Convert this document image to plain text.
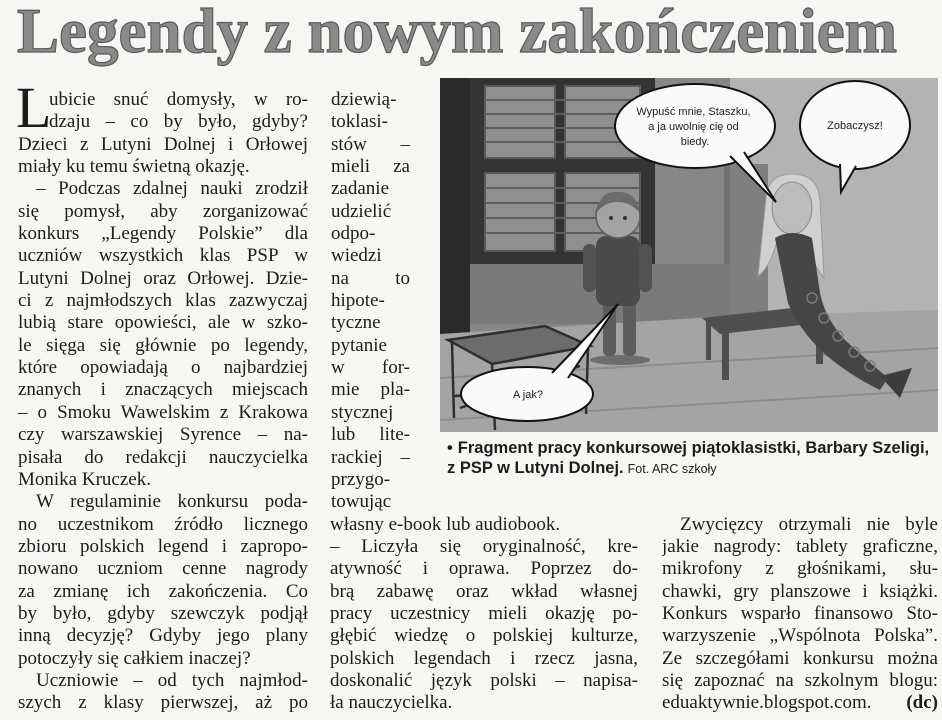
Legendy z nowym zakończeniem
L
ubicie snuć domysły, w ro-
dzaju – co by było, gdyby?
Dzieci z Lutyni Dolnej i Orłowej
miały ku temu świetną okazję.
– Podczas zdalnej nauki zrodził
się pomysł, aby zorganizować
konkurs „Legendy Polskie” dla
uczniów wszystkich klas PSP w
Lutyni Dolnej oraz Orłowej. Dzie-
ci z najmłodszych klas zazwyczaj
lubią stare opowieści, ale w szko-
le sięga się głównie po legendy,
które opowiadają o najbardziej
znanych i znaczących miejscach
– o Smoku Wawelskim z Krakowa
czy warszawskiej Syrence – na-
pisała do redakcji nauczycielka
Monika Kruczek.
W regulaminie konkursu poda-
no uczestnikom źródło licznego
zbioru polskich legend i zapropo-
nowano uczniom cenne nagrody
za zmianę ich zakończenia. Co
by było, gdyby szewczyk podjął
inną decyzję? Gdyby jego plany
potoczyły się całkiem inaczej?
Uczniowie – od tych najmłod-
szych z klasy pierwszej, aż po
dziewią-
toklasi-
stów –
mieli za
zadanie
udzielić
odpo-
wiedzi
na to
hipote-
tyczne
pytanie
w for-
mie pla-
stycznej
lub lite-
rackiej –
przygo-
towując
własny e-book lub audiobook.
– Liczyła się oryginalność, kre-
atywność i oprawa. Poprzez do-
brą zabawę oraz wkład własnej
pracy uczestnicy mieli okazję po-
głębić wiedzę o polskiej kulturze,
polskich legendach i rzecz jasna,
doskonalić język polski – napisa-
ła nauczycielka.
Zwycięzcy otrzymali nie byle
jakie nagrody: tablety graficzne,
mikrofony z głośnikami, słu-
chawki, gry planszowe i książki.
Konkurs wsparło finansowo Sto-
warzyszenie „Wspólnota Polska”.
Ze szczegółami konkursu można
się zapoznać na szkolnym blogu:
eduaktywnie.blogspot.com. (dc)
Wypuść mnie, Staszku, a ja uwolnię cię od biedy.
Zobaczysz!
A jak?
• Fragment pracy konkursowej piątoklasistki, Barbary Szeligi,
z PSP w Lutyni Dolnej. Fot. ARC szkoły
